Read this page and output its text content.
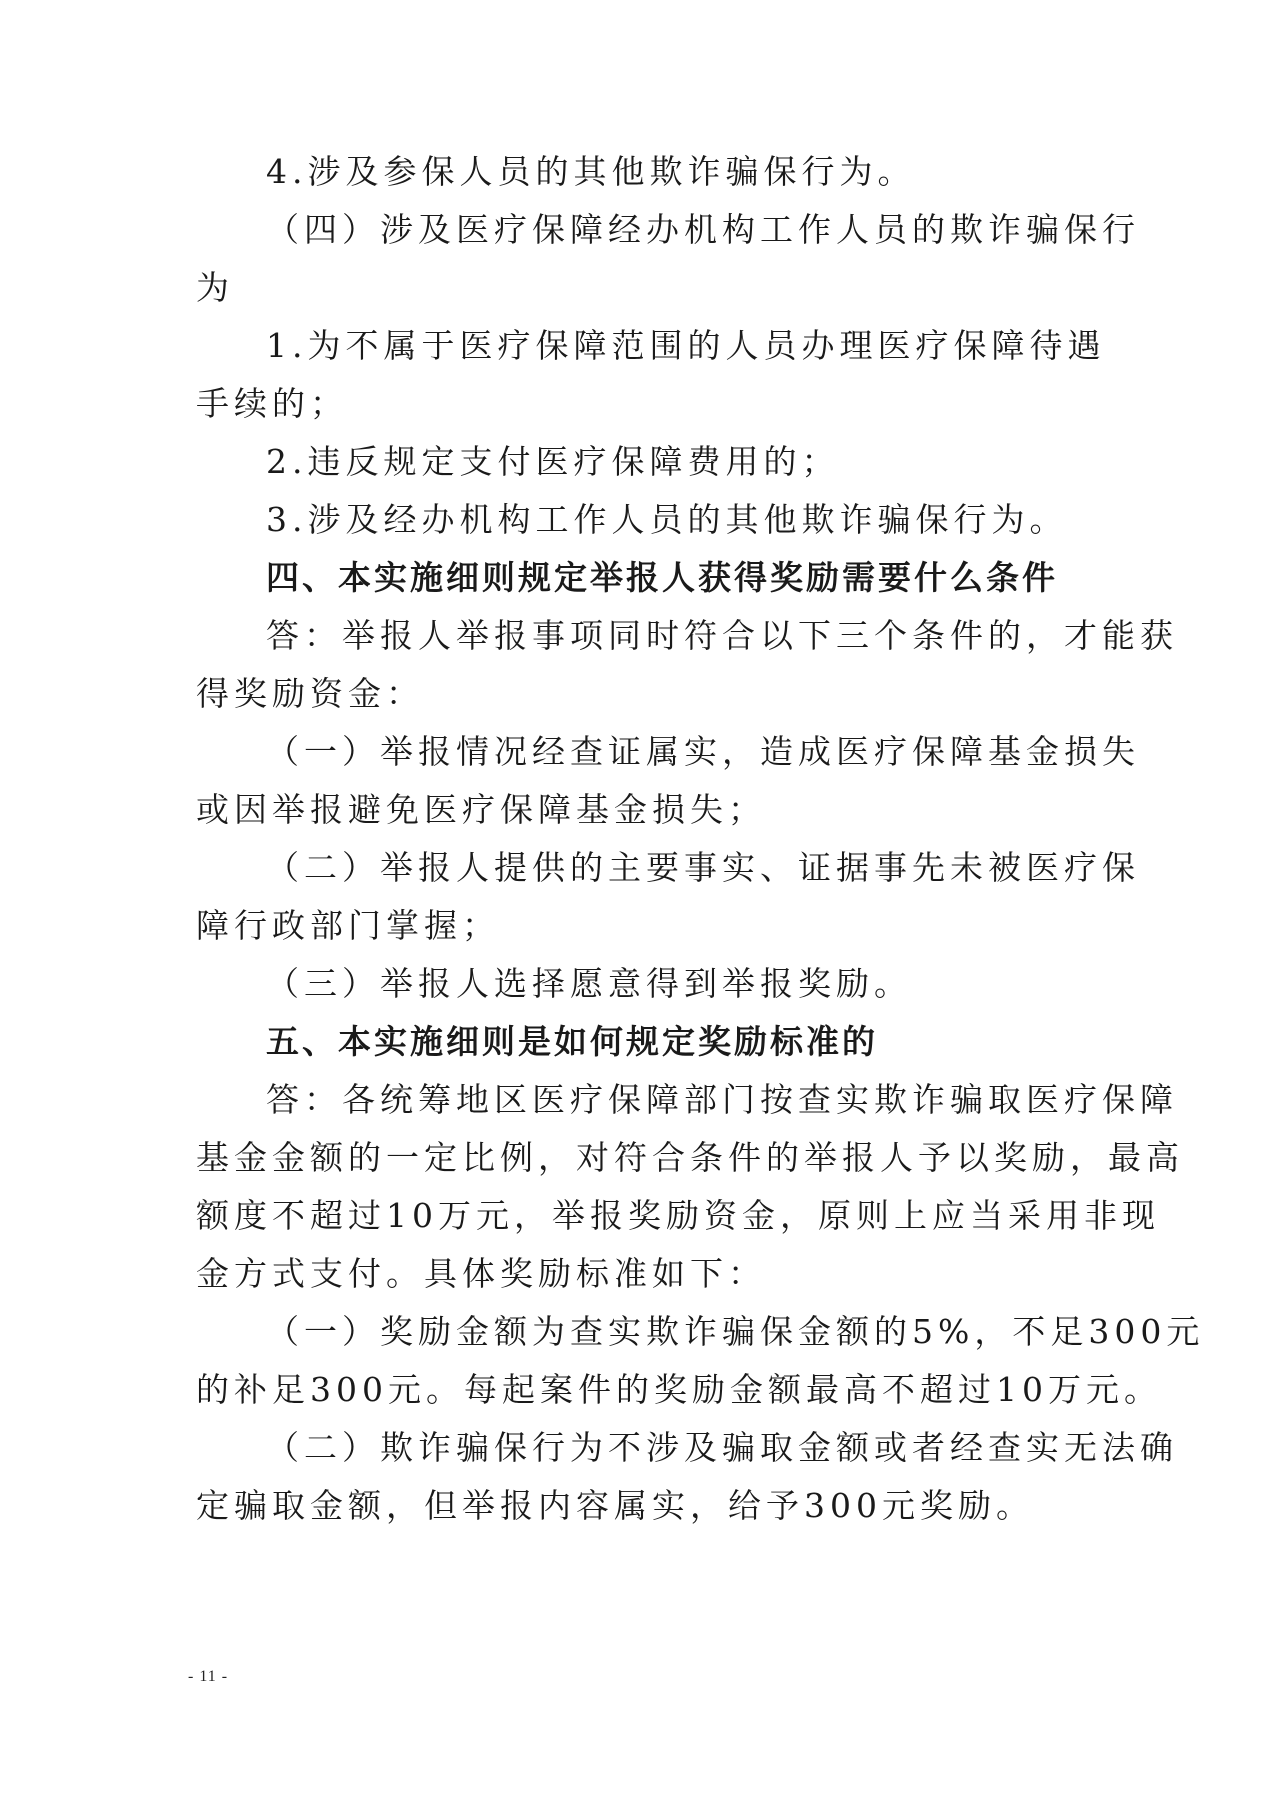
4.涉及参保人员的其他欺诈骗保行为。
（四）涉及医疗保障经办机构工作人员的欺诈骗保行
为
1.为不属于医疗保障范围的人员办理医疗保障待遇
手续的；
2.违反规定支付医疗保障费用的；
3.涉及经办机构工作人员的其他欺诈骗保行为。
四、本实施细则规定举报人获得奖励需要什么条件
答：举报人举报事项同时符合以下三个条件的，才能获
得奖励资金：
（一）举报情况经查证属实，造成医疗保障基金损失
或因举报避免医疗保障基金损失；
（二）举报人提供的主要事实、证据事先未被医疗保
障行政部门掌握；
（三）举报人选择愿意得到举报奖励。
五、本实施细则是如何规定奖励标准的
答：各统筹地区医疗保障部门按查实欺诈骗取医疗保障
基金金额的一定比例，对符合条件的举报人予以奖励，最高
额度不超过10万元，举报奖励资金，原则上应当采用非现
金方式支付。具体奖励标准如下：
（一）奖励金额为查实欺诈骗保金额的5%，不足300元
的补足300元。每起案件的奖励金额最高不超过10万元。
（二）欺诈骗保行为不涉及骗取金额或者经查实无法确
定骗取金额，但举报内容属实，给予300元奖励。
- 11 -
